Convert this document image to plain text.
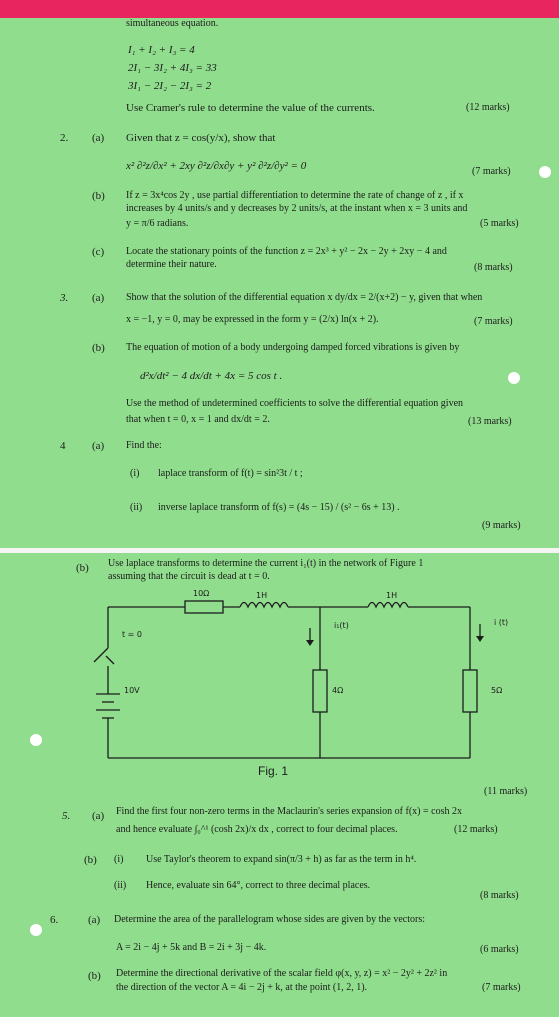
simultaneous equation.
I₁ + I₂ + I₃ = 4
2I₁ − 3I₂ + 4I₃ = 33
3I₁ − 2I₂ − 2I₃ = 2
Use Cramer's rule to determine the value of the currents.	(12 marks)
2. (a) Given that z = cos(y/x), show that
x² ∂²z/∂x² + 2xy ∂²z/∂x∂y + y² ∂²z/∂y² = 0	(7 marks)
(b) If z = 3x⁴cos 2y , use partial differentiation to determine the rate of change of z , if x
increases by 4 units/s and y decreases by 2 units/s, at the instant when x = 3 units and
y = π/6 radians.	(5 marks)
(c) Locate the stationary points of the function z = 2x³ + y² − 2x − 2y + 2xy − 4 and
determine their nature.	(8 marks)
3. (a) Show that the solution of the differential equation x dy/dx = 2/(x+2) − y, given that when
x = −1, y = 0, may be expressed in the form y = (2/x) ln(x + 2).	(7 marks)
(b) The equation of motion of a body undergoing damped forced vibrations is given by
d²x/dt² − 4 dx/dt + 4x = 5 cos t .
Use the method of undetermined coefficients to solve the differential equation given
that when t = 0, x = 1 and dx/dt = 2.	(13 marks)
4 (a) Find the:
(i) laplace transform of f(t) = sin²3t / t ;
(ii) inverse laplace transform of f(s) = (4s − 15) / (s² − 6s + 13) .
(9 marks)
(b) Use laplace transforms to determine the current i₁(t) in the network of Figure 1
assuming that the circuit is dead at t = 0.
10Ω	1H	1H
t = 0
10V
i₁(t)	i (t)
4Ω	5Ω
Fig. 1
(11 marks)
5. (a) Find the first four non-zero terms in the Maclaurin's series expansion of f(x) = cosh 2x
and hence evaluate ∫₀^¹ (cosh 2x)/x dx , correct to four decimal places.	(12 marks)
(b) (i) Use Taylor's theorem to expand sin(π/3 + h) as far as the term in h⁴.
(ii) Hence, evaluate sin 64°, correct to three decimal places.
(8 marks)
6.	(a) Determine the area of the parallelogram whose sides are given by the vectors:
A = 2i − 4j + 5k and B = 2i + 3j − 4k.	(6 marks)
(b) Determine the directional derivative of the scalar field φ(x, y, z) = x² − 2y² + 2z² in
the direction of the vector A = 4i − 2j + k, at the point (1, 2, 1).	(7 marks)
